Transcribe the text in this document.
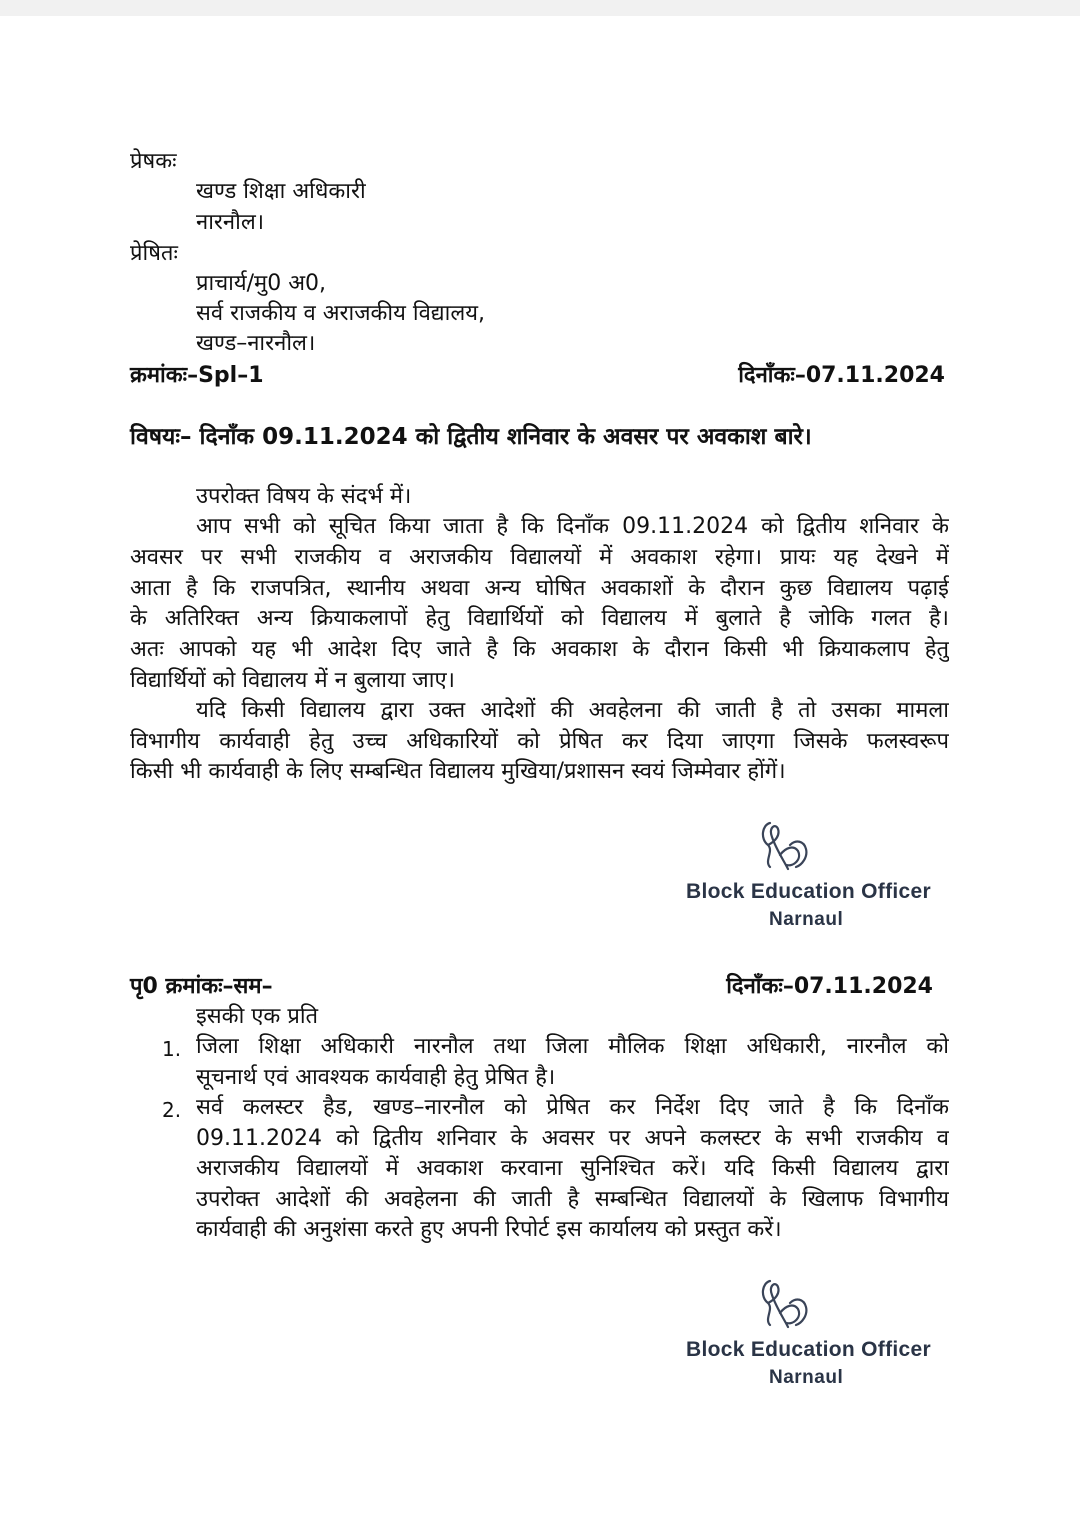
प्रेषकः
खण्ड शिक्षा अधिकारी
नारनौल।
प्रेषितः
प्राचार्य/मु0 अ0,
सर्व राजकीय व अराजकीय विद्यालय,
खण्ड–नारनौल।
क्रमांकः–Spl–1	दिनाँकः–07.11.2024
विषयः– दिनाँक 09.11.2024 को द्वितीय शनिवार के अवसर पर अवकाश बारे।
उपरोक्त विषय के संदर्भ में।
आप सभी को सूचित किया जाता है कि दिनाँक 09.11.2024 को द्वितीय शनिवार के
अवसर पर सभी राजकीय व अराजकीय विद्यालयों में अवकाश रहेगा। प्रायः यह देखने में
आता है कि राजपत्रित, स्थानीय अथवा अन्य घोषित अवकाशों के दौरान कुछ विद्यालय पढ़ाई
के अतिरिक्त अन्य क्रियाकलापों हेतु विद्यार्थियों को विद्यालय में बुलाते है जोकि गलत है।
अतः आपको यह भी आदेश दिए जाते है कि अवकाश के दौरान किसी भी क्रियाकलाप हेतु
विद्यार्थियों को विद्यालय में न बुलाया जाए।
यदि किसी विद्यालय द्वारा उक्त आदेशों की अवहेलना की जाती है तो उसका मामला
विभागीय कार्यवाही हेतु उच्च अधिकारियों को प्रेषित कर दिया जाएगा जिसके फलस्वरूप
किसी भी कार्यवाही के लिए सम्बन्धित विद्यालय मुखिया/प्रशासन स्वयं जिम्मेवार होंगें।
Block Education Officer
Narnaul
पृ0 क्रमांकः–सम–	दिनाँकः–07.11.2024
इसकी एक प्रति
1. जिला शिक्षा अधिकारी नारनौल तथा जिला मौलिक शिक्षा अधिकारी, नारनौल को
सूचनार्थ एवं आवश्यक कार्यवाही हेतु प्रेषित है।
2. सर्व कलस्टर हैड, खण्ड–नारनौल को प्रेषित कर निर्देश दिए जाते है कि दिनाँक
09.11.2024 को द्वितीय शनिवार के अवसर पर अपने कलस्टर के सभी राजकीय व
अराजकीय विद्यालयों में अवकाश करवाना सुनिश्चित करें। यदि किसी विद्यालय द्वारा
उपरोक्त आदेशों की अवहेलना की जाती है सम्बन्धित विद्यालयों के खिलाफ विभागीय
कार्यवाही की अनुशंसा करते हुए अपनी रिपोर्ट इस कार्यालय को प्रस्तुत करें।
Block Education Officer
Narnaul
